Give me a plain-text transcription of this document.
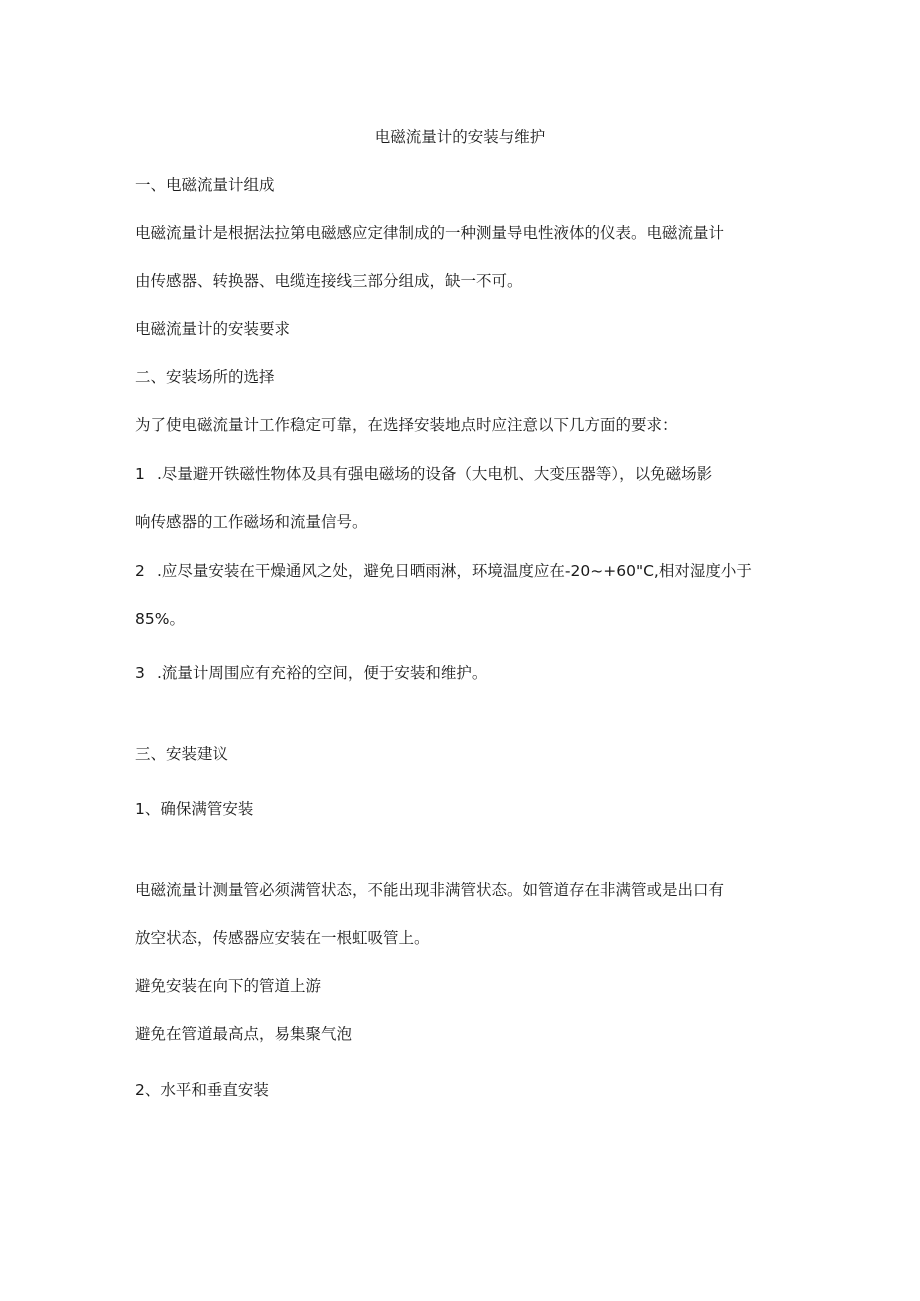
电磁流量计的安装与维护
一、电磁流量计组成
电磁流量计是根据法拉第电磁感应定律制成的一种测量导电性液体的仪表。电磁流量计
由传感器、转换器、电缆连接线三部分组成，缺一不可。
电磁流量计的安装要求
二、安装场所的选择
为了使电磁流量计工作稳定可靠，在选择安装地点时应注意以下几方面的要求：
1 .尽量避开铁磁性物体及具有强电磁场的设备（大电机、大变压器等），以免磁场影
响传感器的工作磁场和流量信号。
2 .应尽量安装在干燥通风之处，避免日晒雨淋，环境温度应在-20~+60"C,相对湿度小于
85%。
3 .流量计周围应有充裕的空间，便于安装和维护。
三、安装建议
1、确保满管安装
电磁流量计测量管必须满管状态，不能出现非满管状态。如管道存在非满管或是出口有
放空状态，传感器应安装在一根虹吸管上。
避免安装在向下的管道上游
避免在管道最高点，易集聚气泡
2、水平和垂直安装
